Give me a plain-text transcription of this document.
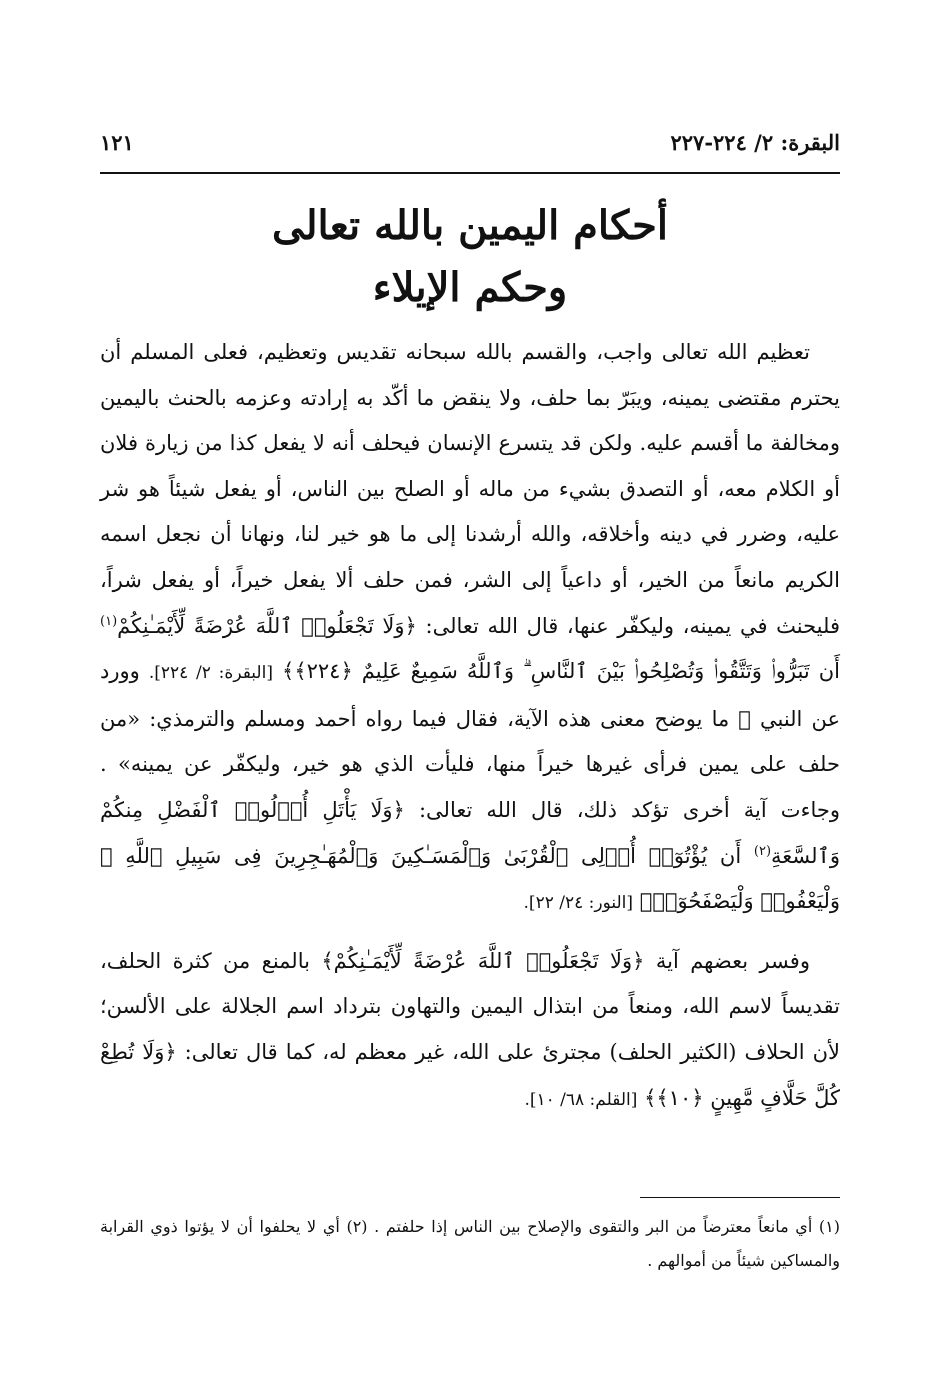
البقرة: ٢/ ٢٢٤-٢٢٧
١٢١
أحكام اليمين بالله تعالى
وحكم الإيلاء

تعظيم الله تعالى واجب، والقسم بالله سبحانه تقديس وتعظيم، فعلى المسلم أن يحترم مقتضى يمينه، ويبَرّ بما حلف، ولا ينقض ما أكّد به إرادته وعزمه بالحنث باليمين ومخالفة ما أقسم عليه. ولكن قد يتسرع الإنسان فيحلف أنه لا يفعل كذا من زيارة فلان أو الكلام معه، أو التصدق بشيء من ماله أو الصلح بين الناس، أو يفعل شيئاً هو شر عليه، وضرر في دينه وأخلاقه، والله أرشدنا إلى ما هو خير لنا، ونهانا أن نجعل اسمه الكريم مانعاً من الخير، أو داعياً إلى الشر، فمن حلف ألا يفعل خيراً، أو يفعل شراً، فليحنث في يمينه، وليكفّر عنها، قال الله تعالى: ﴿وَلَا تَجْعَلُوا۟ ٱللَّهَ عُرْضَةً لِّأَيْمَـٰنِكُمْ$^{(١)}$ أَن تَبَرُّوا۟ وَتَتَّقُوا۟ وَتُصْلِحُوا۟ بَيْنَ ٱلنَّاسِ ۗ وَٱللَّهُ سَمِيعٌ عَلِيمٌ ﴿٢٢٤﴾﴾ [البقرة: ٢/ ٢٢٤]. وورد عن النبي ﷺ ما يوضح معنى هذه الآية، فقال فيما رواه أحمد ومسلم والترمذي: «من حلف على يمين فرأى غيرها خيراً منها، فليأت الذي هو خير، وليكفّر عن يمينه» . وجاءت آية أخرى تؤكد ذلك، قال الله تعالى: ﴿وَلَا يَأْتَلِ أُو۟لُوا۟ ٱلْفَضْلِ مِنكُمْ وَٱلسَّعَةِ$^{(٢)}$ أَن يُؤْتُوٓا۟ أُو۟لِى ٱلْقُرْبَىٰ وَٱلْمَسَـٰكِينَ وَٱلْمُهَـٰجِرِينَ فِى سَبِيلِ ٱللَّهِ ۖ وَلْيَعْفُوا۟ وَلْيَصْفَحُوٓا۟﴾ [النور: ٢٤/ ٢٢].

وفسر بعضهم آية ﴿وَلَا تَجْعَلُوا۟ ٱللَّهَ عُرْضَةً لِّأَيْمَـٰنِكُمْ﴾ بالمنع من كثرة الحلف، تقديساً لاسم الله، ومنعاً من ابتذال اليمين والتهاون بترداد اسم الجلالة على الألسن؛ لأن الحلاف (الكثير الحلف) مجترئ على الله، غير معظم له، كما قال تعالى: ﴿وَلَا تُطِعْ كُلَّ حَلَّافٍ مَّهِينٍ ﴿١٠﴾﴾ [القلم: ٦٨/ ١٠].

(١) أي مانعاً معترضاً من البر والتقوى والإصلاح بين الناس إذا حلفتم . (٢) أي لا يحلفوا أن لا يؤتوا ذوي القرابة والمساكين شيئاً من أموالهم .
